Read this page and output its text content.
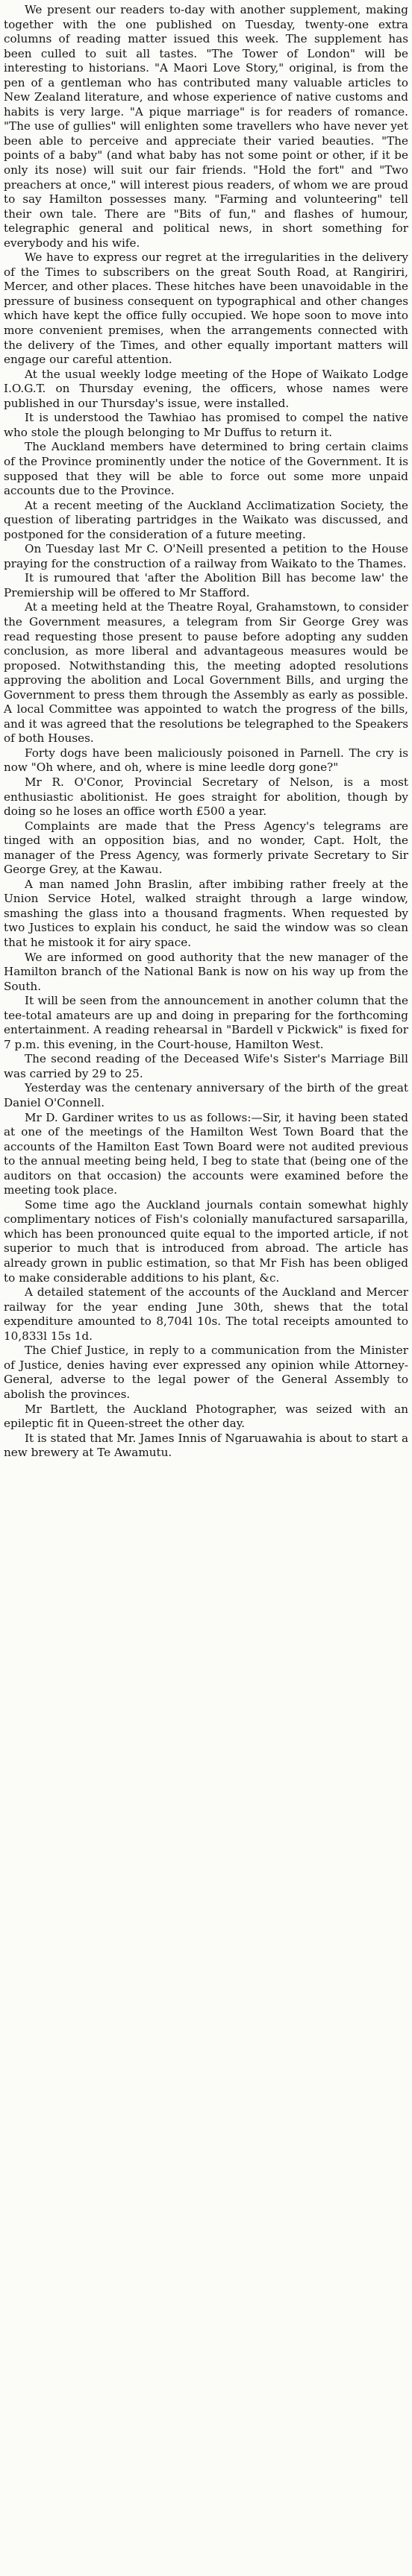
We present our readers to-day with another supplement, making together with the one published on Tuesday, twenty-one extra columns of reading matter issued this week. The supplement has been culled to suit all tastes. "The Tower of London" will be interesting to historians. "A Maori Love Story," original, is from the pen of a gentleman who has contributed many valuable articles to New Zealand literature, and whose experience of native customs and habits is very large. "A pique marriage" is for readers of romance. "The use of gullies" will enlighten some travellers who have never yet been able to perceive and appreciate their varied beauties. "The points of a baby" (and what baby has not some point or other, if it be only its nose) will suit our fair friends. "Hold the fort" and "Two preachers at once," will interest pious readers, of whom we are proud to say Hamilton possesses many. "Farming and volunteering" tell their own tale. There are "Bits of fun," and flashes of humour, telegraphic general and political news, in short something for everybody and his wife.

We have to express our regret at the irregularities in the delivery of the Times to subscribers on the great South Road, at Rangiriri, Mercer, and other places. These hitches have been unavoidable in the pressure of business consequent on typographical and other changes which have kept the office fully occupied. We hope soon to move into more convenient premises, when the arrangements connected with the delivery of the Times, and other equally important matters will engage our careful attention.

At the usual weekly lodge meeting of the Hope of Waikato Lodge I.O.G.T. on Thursday evening, the officers, whose names were published in our Thursday's issue, were installed.

It is understood the Tawhiao has promised to compel the native who stole the plough belonging to Mr Duffus to return it.

The Auckland members have determined to bring certain claims of the Province prominently under the notice of the Government. It is supposed that they will be able to force out some more unpaid accounts due to the Province.

At a recent meeting of the Auckland Acclimatization Society, the question of liberating partridges in the Waikato was discussed, and postponed for the consideration of a future meeting.

On Tuesday last Mr C. O'Neill presented a petition to the House praying for the construction of a railway from Waikato to the Thames.

It is rumoured that 'after the Abolition Bill has become law' the Premiership will be offered to Mr Stafford.

At a meeting held at the Theatre Royal, Grahamstown, to consider the Government measures, a telegram from Sir George Grey was read requesting those present to pause before adopting any sudden conclusion, as more liberal and advantageous measures would be proposed. Notwithstanding this, the meeting adopted resolutions approving the abolition and Local Government Bills, and urging the Government to press them through the Assembly as early as possible. A local Committee was appointed to watch the progress of the bills, and it was agreed that the resolutions be telegraphed to the Speakers of both Houses.

Forty dogs have been maliciously poisoned in Parnell. The cry is now "Oh where, and oh, where is mine leedle dorg gone?"

Mr R. O'Conor, Provincial Secretary of Nelson, is a most enthusiastic abolitionist. He goes straight for abolition, though by doing so he loses an office worth £500 a year.

Complaints are made that the Press Agency's telegrams are tinged with an opposition bias, and no wonder, Capt. Holt, the manager of the Press Agency, was formerly private Secretary to Sir George Grey, at the Kawau.

A man named John Braslin, after imbibing rather freely at the Union Service Hotel, walked straight through a large window, smashing the glass into a thousand fragments. When requested by two Justices to explain his conduct, he said the window was so clean that he mistook it for airy space.

We are informed on good authority that the new manager of the Hamilton branch of the National Bank is now on his way up from the South.

It will be seen from the announcement in another column that the tee-total amateurs are up and doing in preparing for the forthcoming entertainment. A reading rehearsal in "Bardell v Pickwick" is fixed for 7 p.m. this evening, in the Court-house, Hamilton West.

The second reading of the Deceased Wife's Sister's Marriage Bill was carried by 29 to 25.

Yesterday was the centenary anniversary of the birth of the great Daniel O'Connell.

Mr D. Gardiner writes to us as follows:—Sir, it having been stated at one of the meetings of the Hamilton West Town Board that the accounts of the Hamilton East Town Board were not audited previous to the annual meeting being held, I beg to state that (being one of the auditors on that occasion) the accounts were examined before the meeting took place.

Some time ago the Auckland journals contain somewhat highly complimentary notices of Fish's colonially manufactured sarsaparilla, which has been pronounced quite equal to the imported article, if not superior to much that is introduced from abroad. The article has already grown in public estimation, so that Mr Fish has been obliged to make considerable additions to his plant, &c.

A detailed statement of the accounts of the Auckland and Mercer railway for the year ending June 30th, shews that the total expenditure amounted to 8,704l 10s. The total receipts amounted to 10,833l 15s 1d.

The Chief Justice, in reply to a communication from the Minister of Justice, denies having ever expressed any opinion while Attorney-General, adverse to the legal power of the General Assembly to abolish the provinces.

Mr Bartlett, the Auckland Photographer, was seized with an epileptic fit in Queen-street the other day.

It is stated that Mr. James Innis of Ngaruawahia is about to start a new brewery at Te Awamutu.
